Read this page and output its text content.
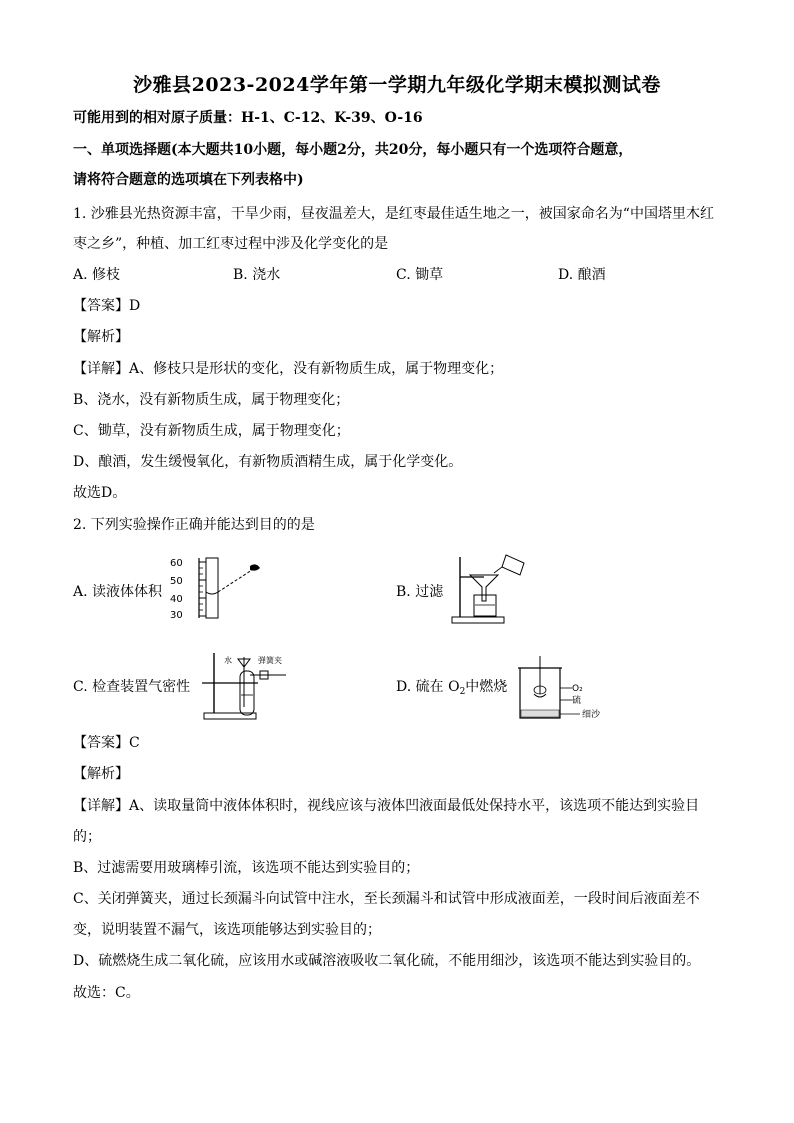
沙雅县2023-2024学年第一学期九年级化学期末模拟测试卷
可能用到的相对原子质量：H-1、C-12、K-39、O-16
一、单项选择题(本大题共10小题，每小题2分，共20分，每小题只有一个选项符合题意，
请将符合题意的选项填在下列表格中)
1. 沙雅县光热资源丰富，干旱少雨，昼夜温差大，是红枣最佳适生地之一，被国家命名为“中国塔里木红
枣之乡”，种植、加工红枣过程中涉及化学变化的是
A. 修枝	B. 浇水	C. 锄草	D. 酿酒
【答案】D
【解析】
【详解】A、修枝只是形状的变化，没有新物质生成，属于物理变化；
B、浇水，没有新物质生成，属于物理变化；
C、锄草，没有新物质生成，属于物理变化；
D、酿酒，发生缓慢氧化，有新物质酒精生成，属于化学变化。
故选D。
2. 下列实验操作正确并能达到目的的是
A. 读液体体积
60
50
40
30
B. 过滤
C. 检查装置气密性
水	弹簧夹
D. 硫在 $O_2$中燃烧	O₂
硫
细沙
【答案】C
【解析】
【详解】A、读取量筒中液体体积时，视线应该与液体凹液面最低处保持水平，该选项不能达到实验目
的；
B、过滤需要用玻璃棒引流，该选项不能达到实验目的；
C、关闭弹簧夹，通过长颈漏斗向试管中注水，至长颈漏斗和试管中形成液面差，一段时间后液面差不
变，说明装置不漏气，该选项能够达到实验目的；
D、硫燃烧生成二氧化硫，应该用水或碱溶液吸收二氧化硫，不能用细沙，该选项不能达到实验目的。
故选：C。
